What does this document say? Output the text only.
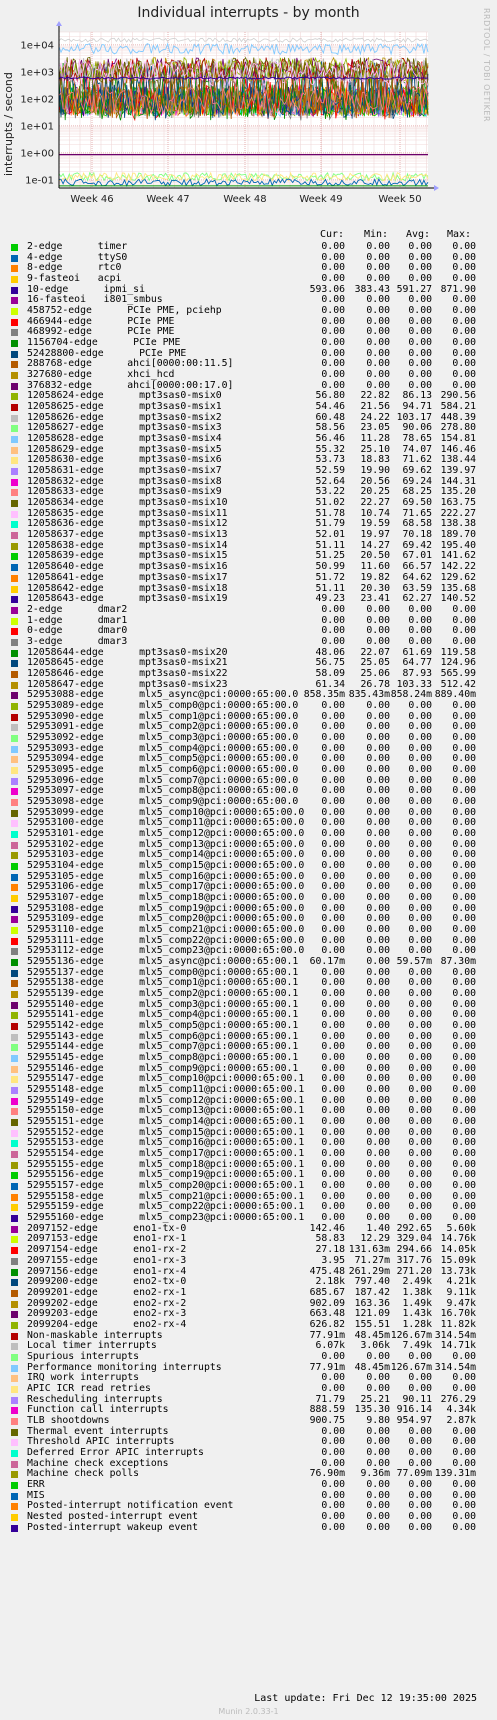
Individual interrupts - by month	RRDTOOL / TOBI OETIKER
interrupts / second
1e-01
1e+00
1e+01
1e+02
1e+03
1e+04
Week 46	Week 47	Week 48	Week 49	Week 50
Cur: Min: Avg: Max:
2-edge      timer	0.00	0.00	0.00	0.00
4-edge      ttyS0	0.00	0.00	0.00	0.00
8-edge      rtc0	0.00	0.00	0.00	0.00
9-fasteoi   acpi	0.00	0.00	0.00	0.00
10-edge      ipmi_si	593.06 383.43 591.27 871.90
16-fasteoi   i801_smbus	0.00	0.00	0.00	0.00
458752-edge      PCIe PME, pciehp	0.00	0.00	0.00	0.00
466944-edge      PCIe PME	0.00	0.00	0.00	0.00
468992-edge      PCIe PME	0.00	0.00	0.00	0.00
1156704-edge      PCIe PME	0.00	0.00	0.00	0.00
52428800-edge      PCIe PME	0.00	0.00	0.00	0.00
288768-edge      ahci[0000:00:11.5]	0.00	0.00	0.00	0.00
327680-edge      xhci_hcd	0.00	0.00	0.00	0.00
376832-edge      ahci[0000:00:17.0]	0.00	0.00	0.00	0.00
12058624-edge      mpt3sas0-msix0	56.80	22.82	86.13 290.56
12058625-edge      mpt3sas0-msix1	54.46	21.56	94.71 584.21
12058626-edge      mpt3sas0-msix2	60.48	24.22 103.17 448.39
12058627-edge      mpt3sas0-msix3	58.56	23.05	90.06 278.80
12058628-edge      mpt3sas0-msix4	56.46	11.28	78.65 154.81
12058629-edge      mpt3sas0-msix5	55.32	25.10	74.07 146.46
12058630-edge      mpt3sas0-msix6	53.73	18.83	71.62 138.44
12058631-edge      mpt3sas0-msix7	52.59	19.90	69.62 139.97
12058632-edge      mpt3sas0-msix8	52.64	20.56	69.24 144.31
12058633-edge      mpt3sas0-msix9	53.22	20.25	68.25 135.20
12058634-edge      mpt3sas0-msix10	51.02	22.27	69.50 163.75
12058635-edge      mpt3sas0-msix11	51.78	10.74	71.65 222.27
12058636-edge      mpt3sas0-msix12	51.79	19.59	68.58 138.38
12058637-edge      mpt3sas0-msix13	52.01	19.97	70.18 189.70
12058638-edge      mpt3sas0-msix14	51.11	14.27	69.42 195.40
12058639-edge      mpt3sas0-msix15	51.25	20.50	67.01 141.62
12058640-edge      mpt3sas0-msix16	50.99	11.60	66.57 142.22
12058641-edge      mpt3sas0-msix17	51.72	19.82	64.62 129.62
12058642-edge      mpt3sas0-msix18	51.11	20.30	63.59 135.68
12058643-edge      mpt3sas0-msix19	49.23	23.41	62.27 140.52
2-edge      dmar2	0.00	0.00	0.00	0.00
1-edge      dmar1	0.00	0.00	0.00	0.00
0-edge      dmar0	0.00	0.00	0.00	0.00
3-edge      dmar3	0.00	0.00	0.00	0.00
12058644-edge      mpt3sas0-msix20	48.06	22.07	61.69 119.58
12058645-edge      mpt3sas0-msix21	56.75	25.05	64.77 124.96
12058646-edge      mpt3sas0-msix22	58.09	25.06	87.93 565.99
12058647-edge      mpt3sas0-msix23	61.34	26.78 103.33 512.42
52953088-edge      mlx5_async@pci:0000:65:00.0 858.35m 835.43m 858.24m 889.40m
52953089-edge      mlx5_comp0@pci:0000:65:00.0	0.00	0.00	0.00	0.00
52953090-edge      mlx5_comp1@pci:0000:65:00.0	0.00	0.00	0.00	0.00
52953091-edge      mlx5_comp2@pci:0000:65:00.0	0.00	0.00	0.00	0.00
52953092-edge      mlx5_comp3@pci:0000:65:00.0	0.00	0.00	0.00	0.00
52953093-edge      mlx5_comp4@pci:0000:65:00.0	0.00	0.00	0.00	0.00
52953094-edge      mlx5_comp5@pci:0000:65:00.0	0.00	0.00	0.00	0.00
52953095-edge      mlx5_comp6@pci:0000:65:00.0	0.00	0.00	0.00	0.00
52953096-edge      mlx5_comp7@pci:0000:65:00.0	0.00	0.00	0.00	0.00
52953097-edge      mlx5_comp8@pci:0000:65:00.0	0.00	0.00	0.00	0.00
52953098-edge      mlx5_comp9@pci:0000:65:00.0	0.00	0.00	0.00	0.00
52953099-edge      mlx5_comp10@pci:0000:65:00.0	0.00	0.00	0.00	0.00
52953100-edge      mlx5_comp11@pci:0000:65:00.0	0.00	0.00	0.00	0.00
52953101-edge      mlx5_comp12@pci:0000:65:00.0	0.00	0.00	0.00	0.00
52953102-edge      mlx5_comp13@pci:0000:65:00.0	0.00	0.00	0.00	0.00
52953103-edge      mlx5_comp14@pci:0000:65:00.0	0.00	0.00	0.00	0.00
52953104-edge      mlx5_comp15@pci:0000:65:00.0	0.00	0.00	0.00	0.00
52953105-edge      mlx5_comp16@pci:0000:65:00.0	0.00	0.00	0.00	0.00
52953106-edge      mlx5_comp17@pci:0000:65:00.0	0.00	0.00	0.00	0.00
52953107-edge      mlx5_comp18@pci:0000:65:00.0	0.00	0.00	0.00	0.00
52953108-edge      mlx5_comp19@pci:0000:65:00.0	0.00	0.00	0.00	0.00
52953109-edge      mlx5_comp20@pci:0000:65:00.0	0.00	0.00	0.00	0.00
52953110-edge      mlx5_comp21@pci:0000:65:00.0	0.00	0.00	0.00	0.00
52953111-edge      mlx5_comp22@pci:0000:65:00.0	0.00	0.00	0.00	0.00
52953112-edge      mlx5_comp23@pci:0000:65:00.0	0.00	0.00	0.00	0.00
52955136-edge      mlx5_async@pci:0000:65:00.1	60.17m	0.00 59.57m 87.30m
52955137-edge      mlx5_comp0@pci:0000:65:00.1	0.00	0.00	0.00	0.00
52955138-edge      mlx5_comp1@pci:0000:65:00.1	0.00	0.00	0.00	0.00
52955139-edge      mlx5_comp2@pci:0000:65:00.1	0.00	0.00	0.00	0.00
52955140-edge      mlx5_comp3@pci:0000:65:00.1	0.00	0.00	0.00	0.00
52955141-edge      mlx5_comp4@pci:0000:65:00.1	0.00	0.00	0.00	0.00
52955142-edge      mlx5_comp5@pci:0000:65:00.1	0.00	0.00	0.00	0.00
52955143-edge      mlx5_comp6@pci:0000:65:00.1	0.00	0.00	0.00	0.00
52955144-edge      mlx5_comp7@pci:0000:65:00.1	0.00	0.00	0.00	0.00
52955145-edge      mlx5_comp8@pci:0000:65:00.1	0.00	0.00	0.00	0.00
52955146-edge      mlx5_comp9@pci:0000:65:00.1	0.00	0.00	0.00	0.00
52955147-edge      mlx5_comp10@pci:0000:65:00.1	0.00	0.00	0.00	0.00
52955148-edge      mlx5_comp11@pci:0000:65:00.1	0.00	0.00	0.00	0.00
52955149-edge      mlx5_comp12@pci:0000:65:00.1	0.00	0.00	0.00	0.00
52955150-edge      mlx5_comp13@pci:0000:65:00.1	0.00	0.00	0.00	0.00
52955151-edge      mlx5_comp14@pci:0000:65:00.1	0.00	0.00	0.00	0.00
52955152-edge      mlx5_comp15@pci:0000:65:00.1	0.00	0.00	0.00	0.00
52955153-edge      mlx5_comp16@pci:0000:65:00.1	0.00	0.00	0.00	0.00
52955154-edge      mlx5_comp17@pci:0000:65:00.1	0.00	0.00	0.00	0.00
52955155-edge      mlx5_comp18@pci:0000:65:00.1	0.00	0.00	0.00	0.00
52955156-edge      mlx5_comp19@pci:0000:65:00.1	0.00	0.00	0.00	0.00
52955157-edge      mlx5_comp20@pci:0000:65:00.1	0.00	0.00	0.00	0.00
52955158-edge      mlx5_comp21@pci:0000:65:00.1	0.00	0.00	0.00	0.00
52955159-edge      mlx5_comp22@pci:0000:65:00.1	0.00	0.00	0.00	0.00
52955160-edge      mlx5_comp23@pci:0000:65:00.1	0.00	0.00	0.00	0.00
2097152-edge      eno1-tx-0	142.46	1.40 292.65	5.60k
2097153-edge      eno1-rx-1	58.83	12.29 329.04 14.76k
2097154-edge      eno1-rx-2	27.18 131.63m 294.66 14.05k
2097155-edge      eno1-rx-3	3.95 71.27m 317.76 15.09k
2097156-edge      eno1-rx-4	475.48 261.29m 271.20 13.73k
2099200-edge      eno2-tx-0	2.18k 797.40	2.49k	4.21k
2099201-edge      eno2-rx-1	685.67 187.42	1.38k	9.11k
2099202-edge      eno2-rx-2	902.09 163.36	1.49k	9.47k
2099203-edge      eno2-rx-3	663.48 121.09	1.43k 16.70k
2099204-edge      eno2-rx-4	626.82 155.51	1.28k 11.82k
Non-maskable interrupts	77.91m 48.45m 126.67m 314.54m
Local timer interrupts	6.07k	3.06k	7.49k 14.71k
Spurious interrupts	0.00	0.00	0.00	0.00
Performance monitoring interrupts	77.91m 48.45m 126.67m 314.54m
IRQ work interrupts	0.00	0.00	0.00	0.00
APIC ICR read retries	0.00	0.00	0.00	0.00
Rescheduling interrupts	71.79	25.21	90.11 276.29
Function call interrupts	888.59 135.30 916.14	4.34k
TLB shootdowns	900.75	9.80 954.97	2.87k
Thermal event interrupts	0.00	0.00	0.00	0.00
Threshold APIC interrupts	0.00	0.00	0.00	0.00
Deferred Error APIC interrupts	0.00	0.00	0.00	0.00
Machine check exceptions	0.00	0.00	0.00	0.00
Machine check polls	76.90m	9.36m 77.09m 139.31m
ERR	0.00	0.00	0.00	0.00
MIS	0.00	0.00	0.00	0.00
Posted-interrupt notification event	0.00	0.00	0.00	0.00
Nested posted-interrupt event	0.00	0.00	0.00	0.00
Posted-interrupt wakeup event	0.00	0.00	0.00	0.00
Last update: Fri Dec 12 19:35:00 2025
Munin 2.0.33-1
